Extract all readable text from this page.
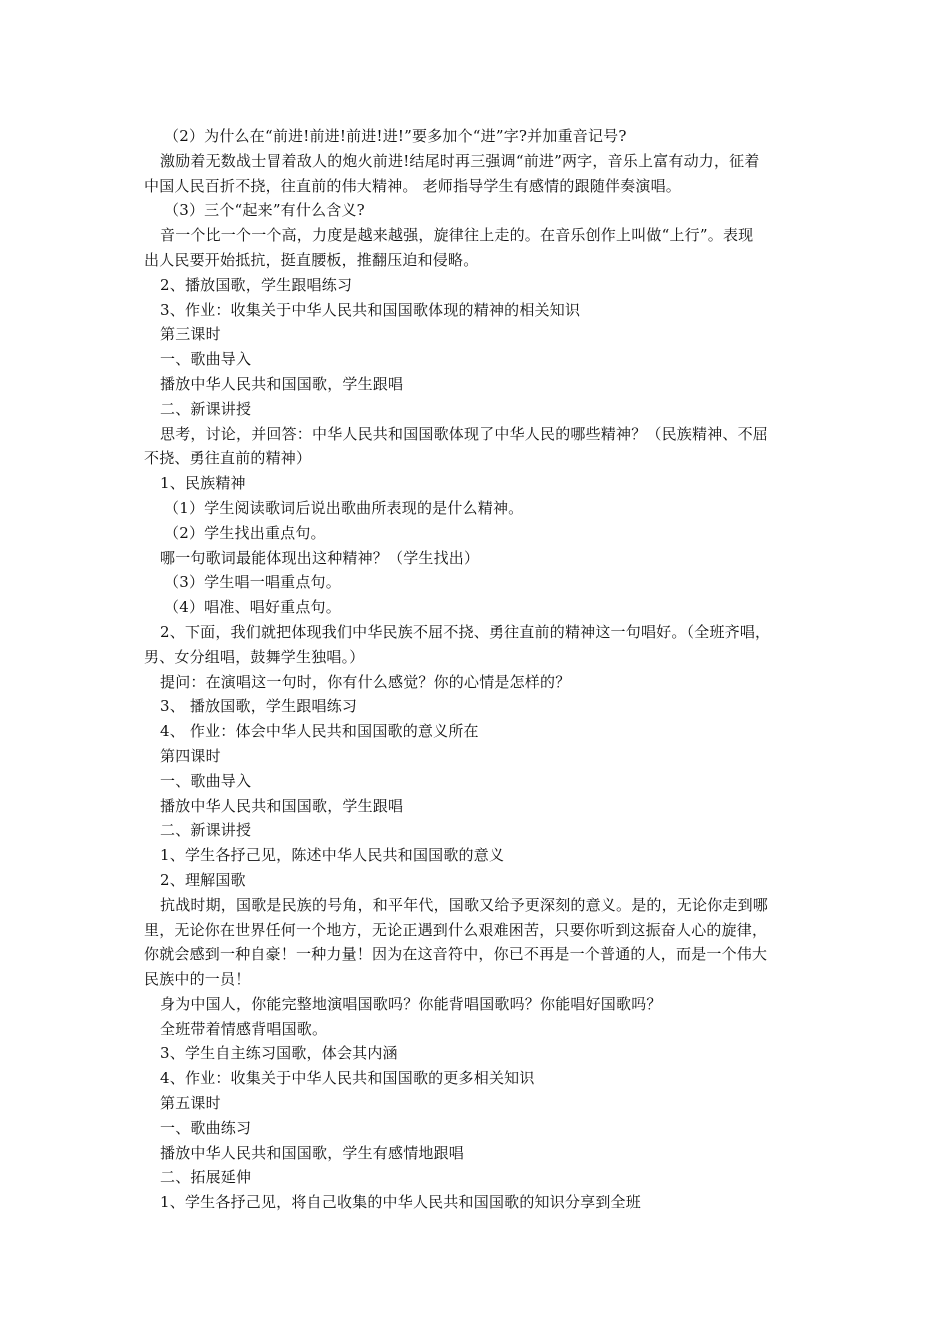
（2）为什么在“前进!前进!前进!进!”要多加个“进”字?并加重音记号?
激励着无数战士冒着敌人的炮火前进!结尾时再三强调“前进”两字，音乐上富有动力，征着
中国人民百折不挠，往直前的伟大精神。 老师指导学生有感情的跟随伴奏演唱。
（3）三个“起来”有什么含义?
音一个比一个一个高，力度是越来越强，旋律往上走的。在音乐创作上叫做“上行”。表现
出人民要开始抵抗，挺直腰板，推翻压迫和侵略。
2、播放国歌，学生跟唱练习
3、作业：收集关于中华人民共和国国歌体现的精神的相关知识
第三课时
一、歌曲导入
播放中华人民共和国国歌，学生跟唱
二、新课讲授
思考，讨论，并回答：中华人民共和国国歌体现了中华人民的哪些精神？（民族精神、不屈
不挠、勇往直前的精神）
1、民族精神
（1）学生阅读歌词后说出歌曲所表现的是什么精神。
（2）学生找出重点句。
哪一句歌词最能体现出这种精神？（学生找出）
（3）学生唱一唱重点句。
（4）唱准、唱好重点句。
2、下面，我们就把体现我们中华民族不屈不挠、勇往直前的精神这一句唱好。（全班齐唱，
男、女分组唱，鼓舞学生独唱。）
提问：在演唱这一句时，你有什么感觉？你的心情是怎样的？
3、 播放国歌，学生跟唱练习
4、 作业：体会中华人民共和国国歌的意义所在
第四课时
一、歌曲导入
播放中华人民共和国国歌，学生跟唱
二、新课讲授
1、学生各抒己见，陈述中华人民共和国国歌的意义
2、理解国歌
抗战时期，国歌是民族的号角，和平年代，国歌又给予更深刻的意义。是的，无论你走到哪
里，无论你在世界任何一个地方，无论正遇到什么艰难困苦，只要你听到这振奋人心的旋律，
你就会感到一种自豪！一种力量！因为在这音符中，你已不再是一个普通的人，而是一个伟大
民族中的一员！
身为中国人，你能完整地演唱国歌吗？你能背唱国歌吗？你能唱好国歌吗？
全班带着情感背唱国歌。
3、学生自主练习国歌，体会其内涵
4、作业：收集关于中华人民共和国国歌的更多相关知识
第五课时
一、歌曲练习
播放中华人民共和国国歌，学生有感情地跟唱
二、拓展延伸
1、学生各抒己见，将自己收集的中华人民共和国国歌的知识分享到全班
